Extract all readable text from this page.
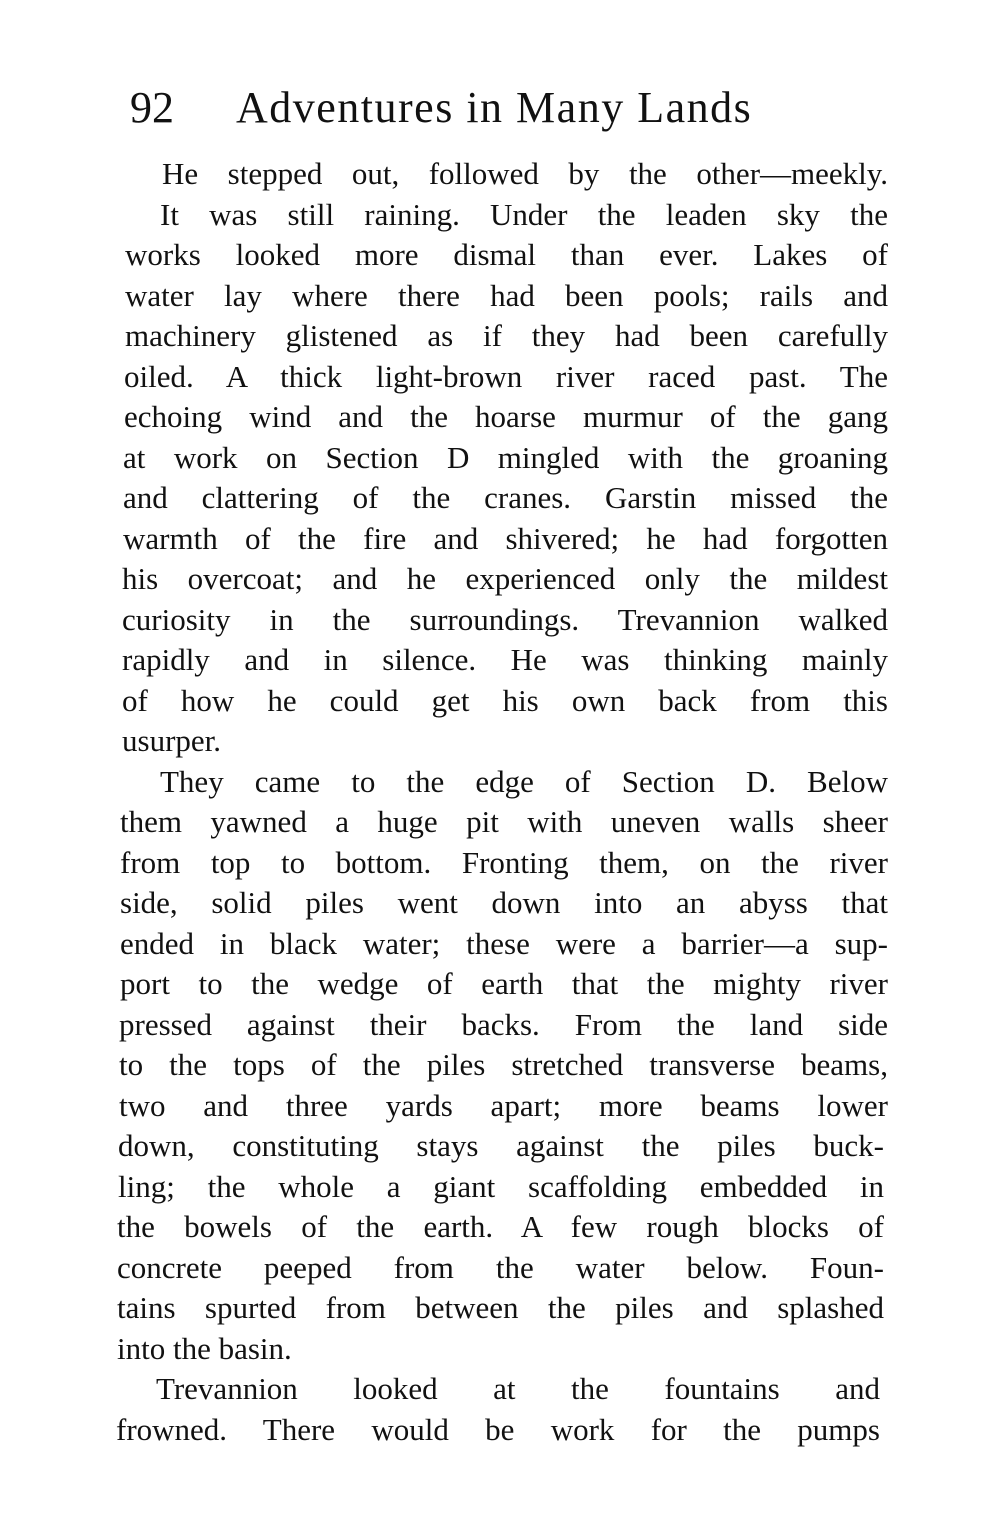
92 Adventures in Many Lands
He stepped out, followed by the other—meekly.
It was still raining. Under the leaden sky the
works looked more dismal than ever. Lakes of
water lay where there had been pools; rails and
machinery glistened as if they had been carefully
oiled. A thick light-brown river raced past. The
echoing wind and the hoarse murmur of the gang
at work on Section D mingled with the groaning
and clattering of the cranes. Garstin missed the
warmth of the fire and shivered; he had forgotten
his overcoat; and he experienced only the mildest
curiosity in the surroundings. Trevannion walked
rapidly and in silence. He was thinking mainly
of how he could get his own back from this
usurper.
They came to the edge of Section D. Below
them yawned a huge pit with uneven walls sheer
from top to bottom. Fronting them, on the river
side, solid piles went down into an abyss that
ended in black water; these were a barrier—a sup-
port to the wedge of earth that the mighty river
pressed against their backs. From the land side
to the tops of the piles stretched transverse beams,
two and three yards apart; more beams lower
down, constituting stays against the piles buck-
ling; the whole a giant scaffolding embedded in
the bowels of the earth. A few rough blocks of
concrete peeped from the water below. Foun-
tains spurted from between the piles and splashed
into the basin.
Trevannion looked at the fountains and
frowned. There would be work for the pumps
